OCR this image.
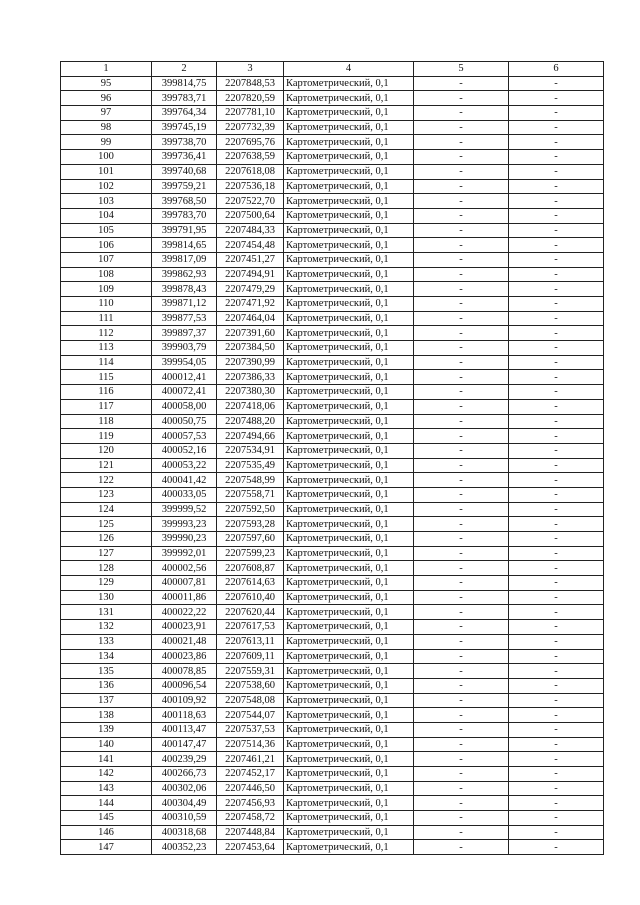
1	2	3	4	5	6
95	399814,75	2207848,53	Картометрический, 0,1	-	-
96	399783,71	2207820,59	Картометрический, 0,1	-	-
97	399764,34	2207781,10	Картометрический, 0,1	-	-
98	399745,19	2207732,39	Картометрический, 0,1	-	-
99	399738,70	2207695,76	Картометрический, 0,1	-	-
100	399736,41	2207638,59	Картометрический, 0,1	-	-
101	399740,68	2207618,08	Картометрический, 0,1	-	-
102	399759,21	2207536,18	Картометрический, 0,1	-	-
103	399768,50	2207522,70	Картометрический, 0,1	-	-
104	399783,70	2207500,64	Картометрический, 0,1	-	-
105	399791,95	2207484,33	Картометрический, 0,1	-	-
106	399814,65	2207454,48	Картометрический, 0,1	-	-
107	399817,09	2207451,27	Картометрический, 0,1	-	-
108	399862,93	2207494,91	Картометрический, 0,1	-	-
109	399878,43	2207479,29	Картометрический, 0,1	-	-
110	399871,12	2207471,92	Картометрический, 0,1	-	-
111	399877,53	2207464,04	Картометрический, 0,1	-	-
112	399897,37	2207391,60	Картометрический, 0,1	-	-
113	399903,79	2207384,50	Картометрический, 0,1	-	-
114	399954,05	2207390,99	Картометрический, 0,1	-	-
115	400012,41	2207386,33	Картометрический, 0,1	-	-
116	400072,41	2207380,30	Картометрический, 0,1	-	-
117	400058,00	2207418,06	Картометрический, 0,1	-	-
118	400050,75	2207488,20	Картометрический, 0,1	-	-
119	400057,53	2207494,66	Картометрический, 0,1	-	-
120	400052,16	2207534,91	Картометрический, 0,1	-	-
121	400053,22	2207535,49	Картометрический, 0,1	-	-
122	400041,42	2207548,99	Картометрический, 0,1	-	-
123	400033,05	2207558,71	Картометрический, 0,1	-	-
124	399999,52	2207592,50	Картометрический, 0,1	-	-
125	399993,23	2207593,28	Картометрический, 0,1	-	-
126	399990,23	2207597,60	Картометрический, 0,1	-	-
127	399992,01	2207599,23	Картометрический, 0,1	-	-
128	400002,56	2207608,87	Картометрический, 0,1	-	-
129	400007,81	2207614,63	Картометрический, 0,1	-	-
130	400011,86	2207610,40	Картометрический, 0,1	-	-
131	400022,22	2207620,44	Картометрический, 0,1	-	-
132	400023,91	2207617,53	Картометрический, 0,1	-	-
133	400021,48	2207613,11	Картометрический, 0,1	-	-
134	400023,86	2207609,11	Картометрический, 0,1	-	-
135	400078,85	2207559,31	Картометрический, 0,1	-	-
136	400096,54	2207538,60	Картометрический, 0,1	-	-
137	400109,92	2207548,08	Картометрический, 0,1	-	-
138	400118,63	2207544,07	Картометрический, 0,1	-	-
139	400113,47	2207537,53	Картометрический, 0,1	-	-
140	400147,47	2207514,36	Картометрический, 0,1	-	-
141	400239,29	2207461,21	Картометрический, 0,1	-	-
142	400266,73	2207452,17	Картометрический, 0,1	-	-
143	400302,06	2207446,50	Картометрический, 0,1	-	-
144	400304,49	2207456,93	Картометрический, 0,1	-	-
145	400310,59	2207458,72	Картометрический, 0,1	-	-
146	400318,68	2207448,84	Картометрический, 0,1	-	-
147	400352,23	2207453,64	Картометрический, 0,1	-	-
